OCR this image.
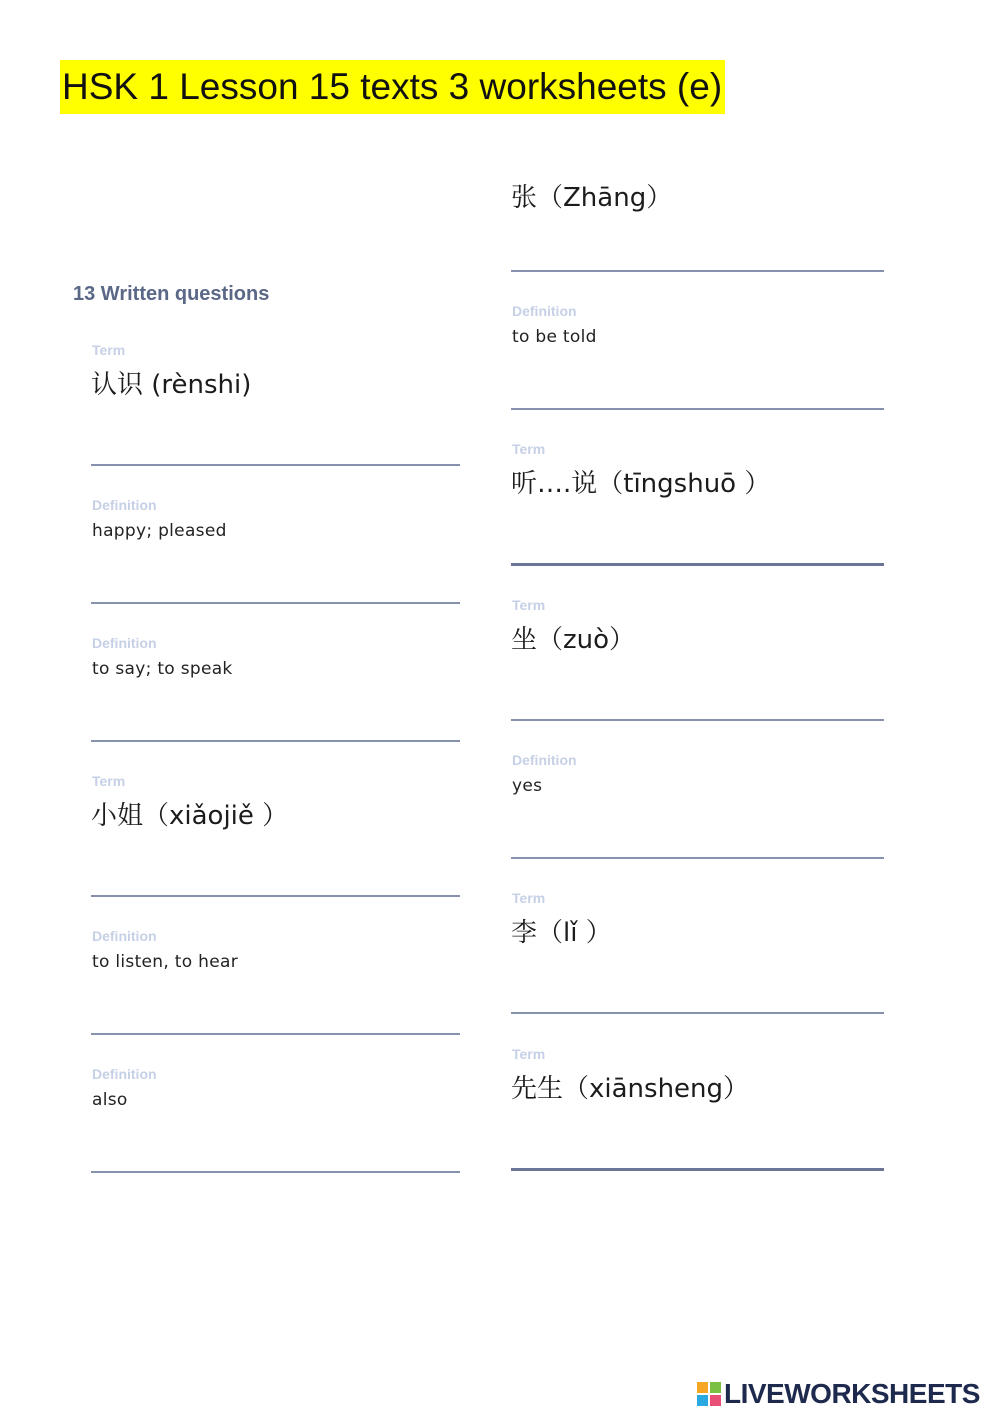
HSK 1 Lesson 15 texts 3 worksheets (e)
13 Written questions
Term
认识 (rènshi)
Definition
happy; pleased
Definition
to say; to speak
Term
小姐（xiǎojiě ）
Definition
to listen, to hear
Definition
also
张（Zhāng）
Definition
to be told
Term
听….说（tīngshuō ）
Term
坐（zuò）
Definition
yes
Term
李（lǐ ）
Term
先生（xiānsheng）
LIVEWORKSHEETS
